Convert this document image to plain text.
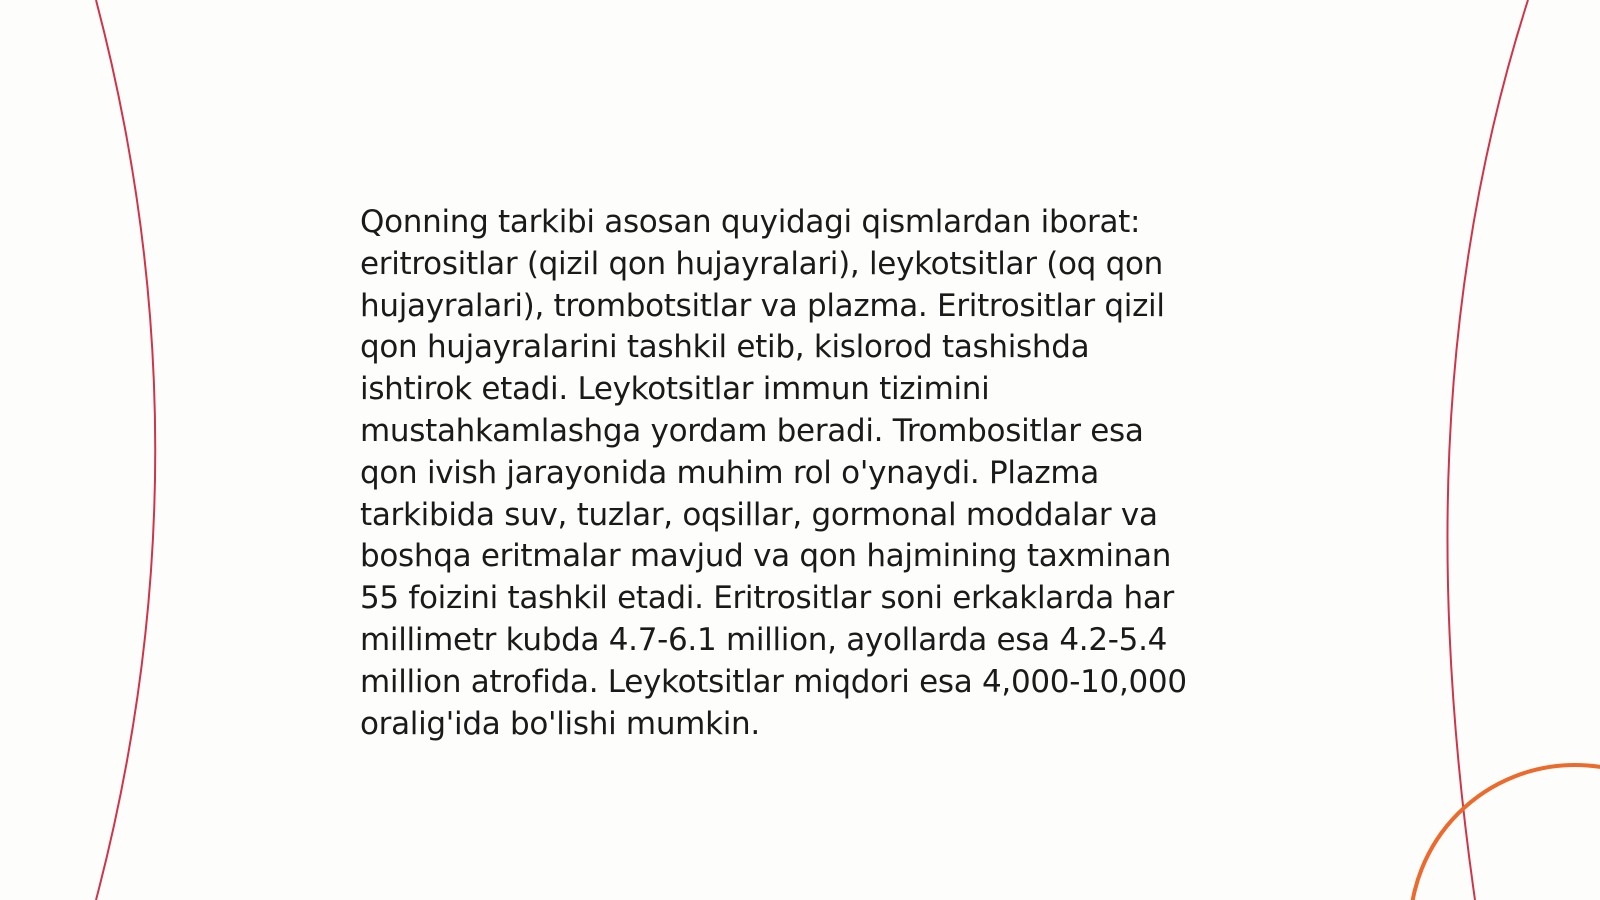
Qonning tarkibi asosan quyidagi qismlardan iborat:
eritrositlar (qizil qon hujayralari), leykotsitlar (oq qon
hujayralari), trombotsitlar va plazma. Eritrositlar qizil
qon hujayralarini tashkil etib, kislorod tashishda
ishtirok etadi. Leykotsitlar immun tizimini
mustahkamlashga yordam beradi. Trombositlar esa
qon ivish jarayonida muhim rol o'ynaydi. Plazma
tarkibida suv, tuzlar, oqsillar, gormonal moddalar va
boshqa eritmalar mavjud va qon hajmining taxminan
55 foizini tashkil etadi. Eritrositlar soni erkaklarda har
millimetr kubda 4.7-6.1 million, ayollarda esa 4.2-5.4
million atrofida. Leykotsitlar miqdori esa 4,000-10,000
oralig'ida bo'lishi mumkin.
